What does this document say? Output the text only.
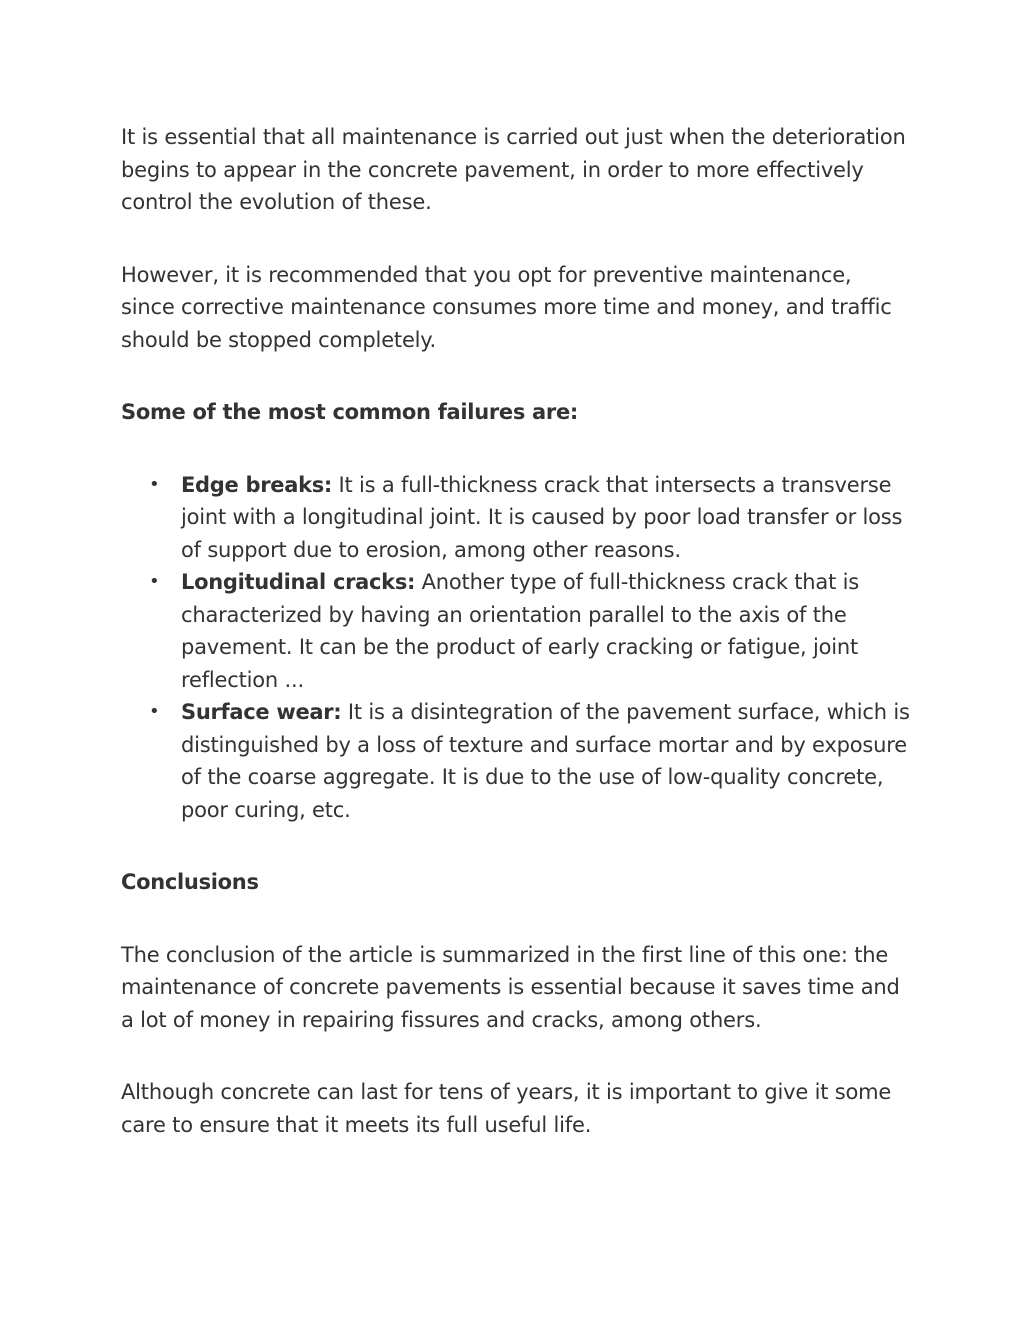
It is essential that all maintenance is carried out just when the deterioration begins to appear in the concrete pavement, in order to more effectively control the evolution of these.

However, it is recommended that you opt for preventive maintenance, since corrective maintenance consumes more time and money, and traffic should be stopped completely.

Some of the most common failures are:

• Edge breaks: It is a full-thickness crack that intersects a transverse joint with a longitudinal joint. It is caused by poor load transfer or loss of support due to erosion, among other reasons.
• Longitudinal cracks: Another type of full-thickness crack that is characterized by having an orientation parallel to the axis of the pavement. It can be the product of early cracking or fatigue, joint reflection ...
• Surface wear: It is a disintegration of the pavement surface, which is distinguished by a loss of texture and surface mortar and by exposure of the coarse aggregate. It is due to the use of low-quality concrete, poor curing, etc.

Conclusions

The conclusion of the article is summarized in the first line of this one: the maintenance of concrete pavements is essential because it saves time and a lot of money in repairing fissures and cracks, among others.

Although concrete can last for tens of years, it is important to give it some care to ensure that it meets its full useful life.
